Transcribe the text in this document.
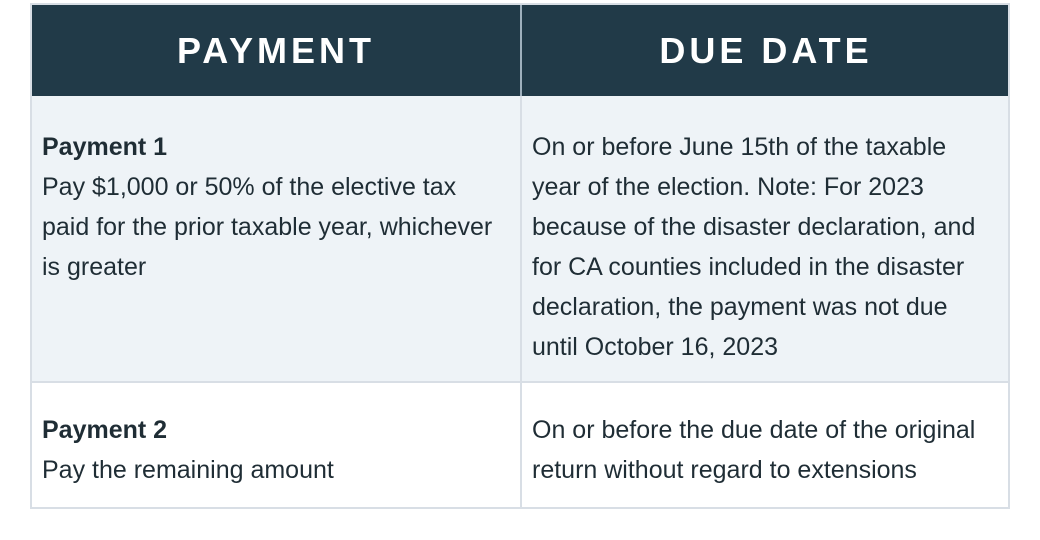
PAYMENT	DUE DATE

Payment 1
Pay $1,000 or 50% of the elective tax paid for the prior taxable year, whichever is greater	On or before June 15th of the taxable year of the election. Note: For 2023 because of the disaster declaration, and for CA counties included in the disaster declaration, the payment was not due until October 16, 2023

Payment 2
Pay the remaining amount	On or before the due date of the original return without regard to extensions
